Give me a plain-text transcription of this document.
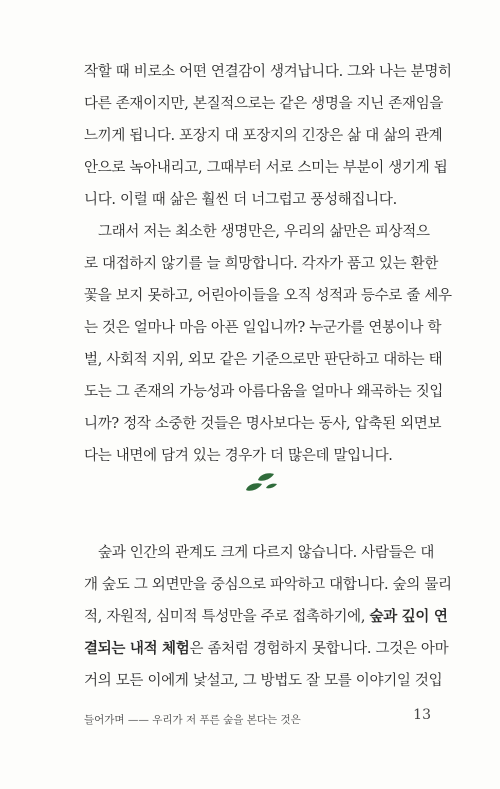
작할 때 비로소 어떤 연결감이 생겨납니다. 그와 나는 분명히
다른 존재이지만, 본질적으로는 같은 생명을 지닌 존재임을
느끼게 됩니다. 포장지 대 포장지의 긴장은 삶 대 삶의 관계
안으로 녹아내리고, 그때부터 서로 스미는 부분이 생기게 됩
니다. 이럴 때 삶은 훨씬 더 너그럽고 풍성해집니다.
그래서 저는 최소한 생명만은, 우리의 삶만은 피상적으
로 대접하지 않기를 늘 희망합니다. 각자가 품고 있는 환한
꽃을 보지 못하고, 어린아이들을 오직 성적과 등수로 줄 세우
는 것은 얼마나 마음 아픈 일입니까? 누군가를 연봉이나 학
벌, 사회적 지위, 외모 같은 기준으로만 판단하고 대하는 태
도는 그 존재의 가능성과 아름다움을 얼마나 왜곡하는 짓입
니까? 정작 소중한 것들은 명사보다는 동사, 압축된 외면보
다는 내면에 담겨 있는 경우가 더 많은데 말입니다.
숲과 인간의 관계도 크게 다르지 않습니다. 사람들은 대
개 숲도 그 외면만을 중심으로 파악하고 대합니다. 숲의 물리
적, 자원적, 심미적 특성만을 주로 접촉하기에, 숲과 깊이 연
결되는 내적 체험은 좀처럼 경험하지 못합니다. 그것은 아마
거의 모든 이에게 낯설고, 그 방법도 잘 모를 이야기일 것입
들어가며 —— 우리가 저 푸른 숲을 본다는 것은	13
